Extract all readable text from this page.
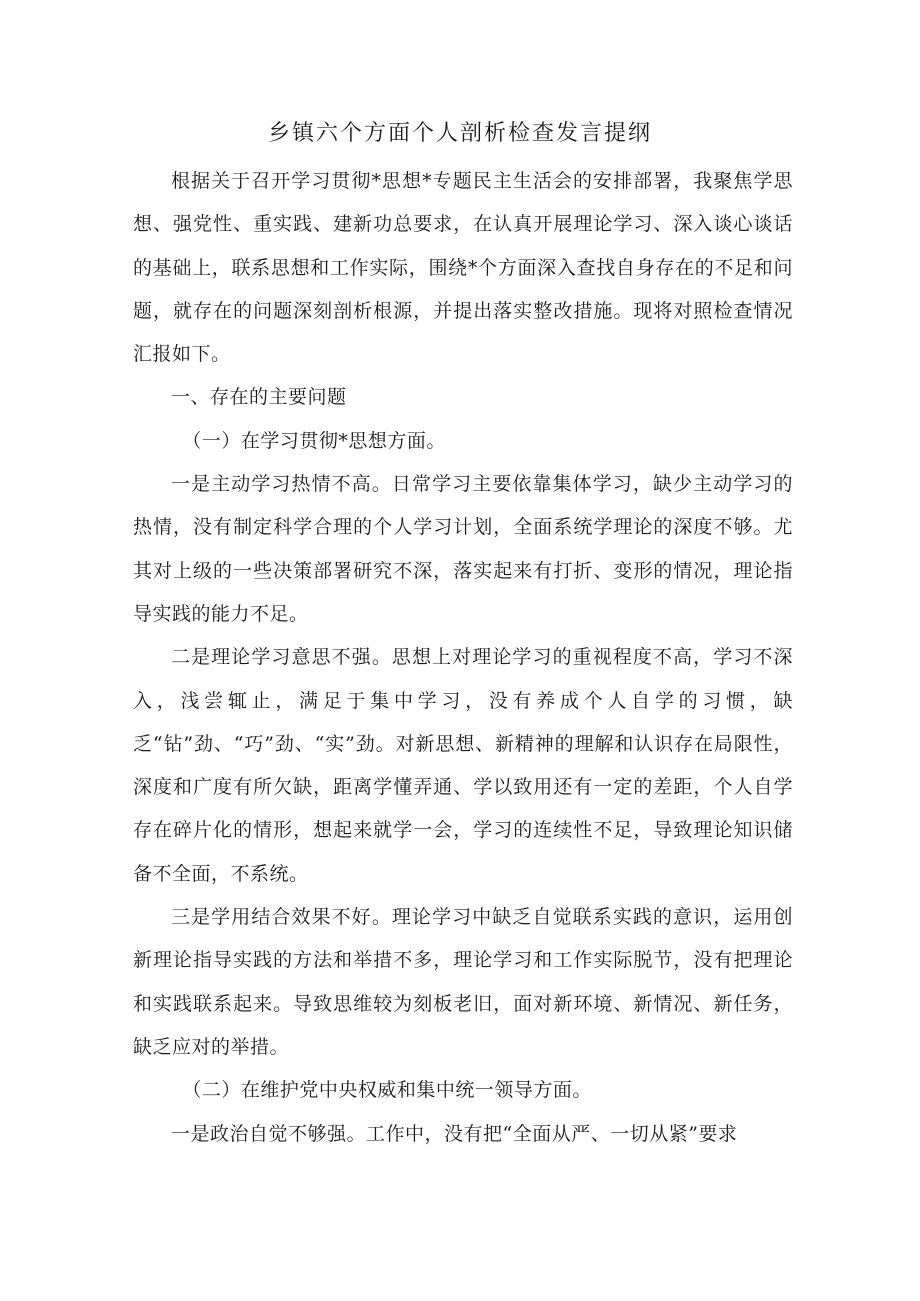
乡镇六个方面个人剖析检查发言提纲

根据关于召开学习贯彻*思想*专题民主生活会的安排部署，我聚焦学思想、强党性、重实践、建新功总要求，在认真开展理论学习、深入谈心谈话的基础上，联系思想和工作实际，围绕*个方面深入查找自身存在的不足和问题，就存在的问题深刻剖析根源，并提出落实整改措施。现将对照检查情况汇报如下。

一、存在的主要问题

（一）在学习贯彻*思想方面。

一是主动学习热情不高。日常学习主要依靠集体学习，缺少主动学习的热情，没有制定科学合理的个人学习计划，全面系统学理论的深度不够。尤其对上级的一些决策部署研究不深，落实起来有打折、变形的情况，理论指导实践的能力不足。

二是理论学习意思不强。思想上对理论学习的重视程度不高，学习不深入，浅尝辄止，满足于集中学习，没有养成个人自学的习惯，缺乏“钻”劲、“巧”劲、“实”劲。对新思想、新精神的理解和认识存在局限性，深度和广度有所欠缺，距离学懂弄通、学以致用还有一定的差距，个人自学存在碎片化的情形，想起来就学一会，学习的连续性不足，导致理论知识储备不全面，不系统。

三是学用结合效果不好。理论学习中缺乏自觉联系实践的意识，运用创新理论指导实践的方法和举措不多，理论学习和工作实际脱节，没有把理论和实践联系起来。导致思维较为刻板老旧，面对新环境、新情况、新任务，缺乏应对的举措。

（二）在维护党中央权威和集中统一领导方面。

一是政治自觉不够强。工作中，没有把“全面从严、一切从紧”要求
